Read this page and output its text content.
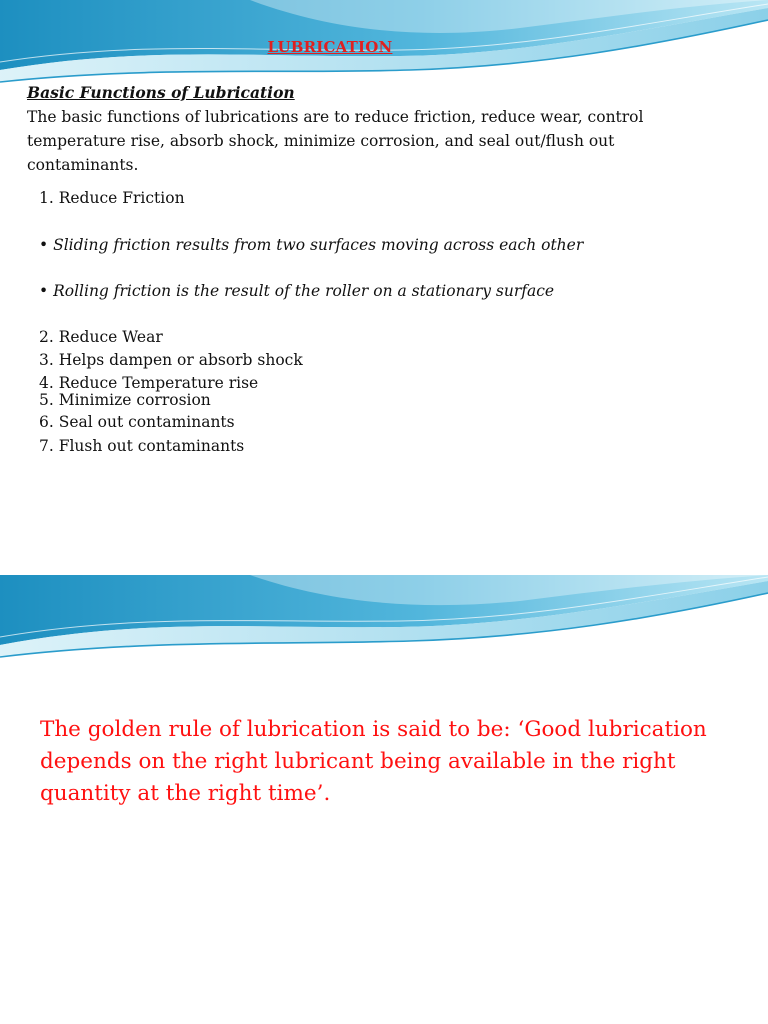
LUBRICATION
Basic Functions of Lubrication
The basic functions of lubrications are to reduce friction, reduce wear, control temperature rise, absorb shock, minimize corrosion, and seal out/flush out contaminants.
1. Reduce Friction
• Sliding friction results from two surfaces moving across each other
• Rolling friction is the result of the roller on a stationary surface
2. Reduce Wear
3. Helps dampen or absorb shock
4. Reduce Temperature rise
5. Minimize corrosion
6. Seal out contaminants
7. Flush out contaminants
The golden rule of lubrication is said to be: ‘Good lubrication depends on the right lubricant being available in the right quantity at the right time’.
